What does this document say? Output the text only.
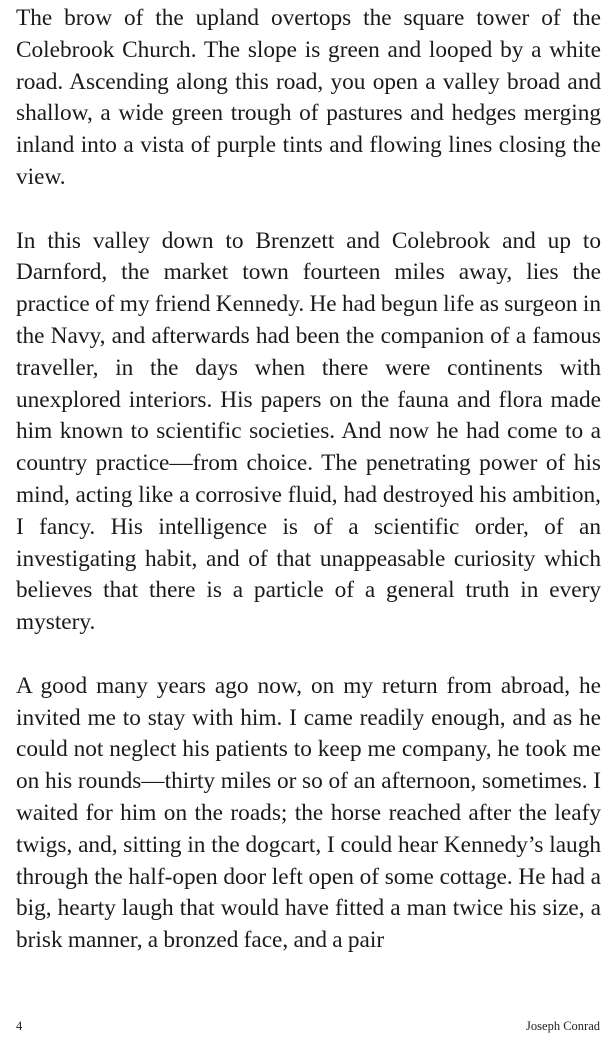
The brow of the upland overtops the square tower of the Colebrook Church. The slope is green and looped by a white road. Ascending along this road, you open a valley broad and shallow, a wide green trough of pastures and hedges merging inland into a vista of purple tints and flowing lines closing the view.

In this valley down to Brenzett and Colebrook and up to Darnford, the market town fourteen miles away, lies the practice of my friend Kennedy. He had begun life as surgeon in the Navy, and afterwards had been the companion of a famous traveller, in the days when there were continents with unexplored interiors. His papers on the fauna and flora made him known to scientific societies. And now he had come to a country practice—from choice. The penetrating power of his mind, acting like a corrosive fluid, had destroyed his ambition, I fancy. His intelligence is of a scientific order, of an investigating habit, and of that unappeasable curiosity which believes that there is a particle of a general truth in every mystery.

A good many years ago now, on my return from abroad, he invited me to stay with him. I came readily enough, and as he could not neglect his patients to keep me company, he took me on his rounds—thirty miles or so of an afternoon, sometimes. I waited for him on the roads; the horse reached after the leafy twigs, and, sitting in the dogcart, I could hear Kennedy’s laugh through the half-open door left open of some cottage. He had a big, hearty laugh that would have fitted a man twice his size, a brisk manner, a bronzed face, and a pair

4	Joseph Conrad
